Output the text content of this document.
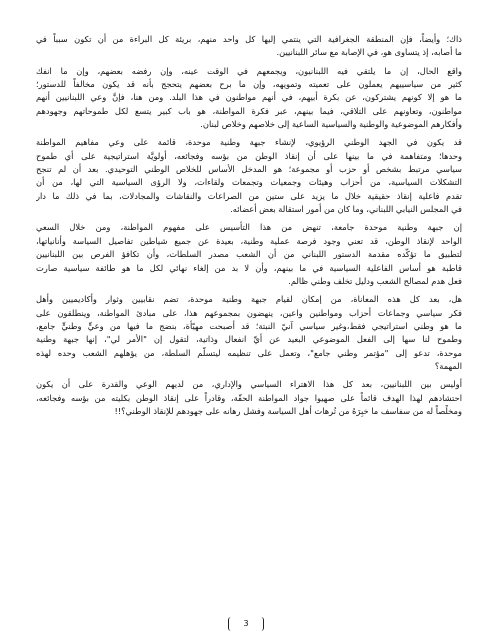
ذاك؛ وأيضاً، فإن المنطقة الجغرافية التي ينتمي إليها كل واحد منهم، بريئة كل البراءة من أن تكون سبباً في
ما أصابه، إذ يتساوى هو، في الإصابة مع سائر اللبنانيين.
واقع الحال، إن ما يلتقي فيه اللبنانيون، ويجمعهم في الوقت عينه، وإن رفضه بعضهم، وإن ما انفك
كثير من سياسييهم يعملون على تعميته وتمويهه، وإن ما برح بعضهم يتحجج بأنه قد يكون مخالفاً للدستور؛
ما هو إلا كونهم يشتركون، عن بكرة أبيهم، في أنهم مواطنون في هذا البلد. ومن هنا، فإنَّ وعي اللبنانيين أنهم
مواطنون، وتعاونهم على التلاقي، فيما بينهم، عبر فكرة المواطنة، هو باب كبير يتسع لكل طموحاتهم وجهودهم
وأفكارهم الموضوعية والوطنية والسياسية الساعية إلى خلاصهم وخلاص لبنان.
قد يكون في الجهد الوطني الرؤيوي، لإنشاء جبهة وطنية موحدة، قائمة على وعي مفاهيم المواطنة
وحدها؛ ومتفاهمة في ما بينها على أن إنقاذ الوطن من بؤسه وفجائعه، أولويَّة استراتيجية على أي طموح
سياسي مرتبط بشخص أو حزب أو مجموعة؛ هو المدخل الأساس للخلاص الوطني التوحيدي. بعد أن لم تنجح
التشكلات السياسية، من أحزاب وهيئات وجمعيات وتجمعات ولقاءات، ولا الرؤى السياسية التي لها، من أن
تقدم فاعلية إنقاذ حقيقية خلال ما يزيد على ستين من الصراعات والنقاشات والمجادلات، بما في ذلك ما دار
في المجلس النيابي اللبناني، وما كان من أمور استقالة بعض أعضائه.
إن جبهة وطنية موحدة جامعة، تنهض من هذا التأسيس على مفهوم المواطنة، ومن خلال السعي
الواحد لإنقاذ الوطن، قد تعني وجود فرصة عملية وطنية، بعيدة عن جميع شياطين تفاصيل السياسة وأنانياتها،
لتطبيق ما تؤكّده مقدمة الدستور اللبناني من أن الشعب مصدر السلطات، وأن تكافؤ الفرص بين اللبنانيين
قاطبة هو أساس الفاعلية السياسية في ما بينهم، وأن لا بد من إلغاء نهائي لكل ما هو طائفة سياسية صارت
فعل هدم لمصالح الشعب ودليل تخلف وطني ظالم.
هل، بعد كل هذه المعاناة، من إمكان لقيام جبهة وطنية موحدة، تضم نقابيين وثوار وأكاديميين وأهل
فكر سياسي وجماعات أحزاب ومواطنين واعين، ينهضون بمجموعهم هذا، على مبادئ المواطنة، وينطلقون على
ما هو وطني استراتيجي فقط،وغير سياسي آنيّ النبتة؛ قد أصبحت مهيّأة، بنضج ما فيها من وعيٍّ وطنيٍّ جامع،
وطموح لنا سها إلى الفعل الموضوعي البعيد عن أيِّ انفعال وذاتية، لتقول إن "الأمر لي"، إنها جبهة وطنية
موحدة، تدعو إلى "مؤتمر وطني جامع"، وتعمل على تنظيمه ليتسلّم السلطة، من يؤهلهم الشعب وحده لهذه
المهمة؟
أوليس بين اللبنانيين، بعد كل هذا الاهتراء السياسي والإداري، من لديهم الوعي والقدرة على أن يكون
احتشادهم لهذا الهدف قائماً على صهيوا جواد المواطنة الحقّة، وقادراً على إنقاذ الوطن بكليته من بؤسه وفجائعه،
ومخلِّصاً له من سفاسف ما خبِرَهُ من تُرهات أهل السياسة وفشل رهانه على جهودهم للإنقاذ الوطني؟!!
3
